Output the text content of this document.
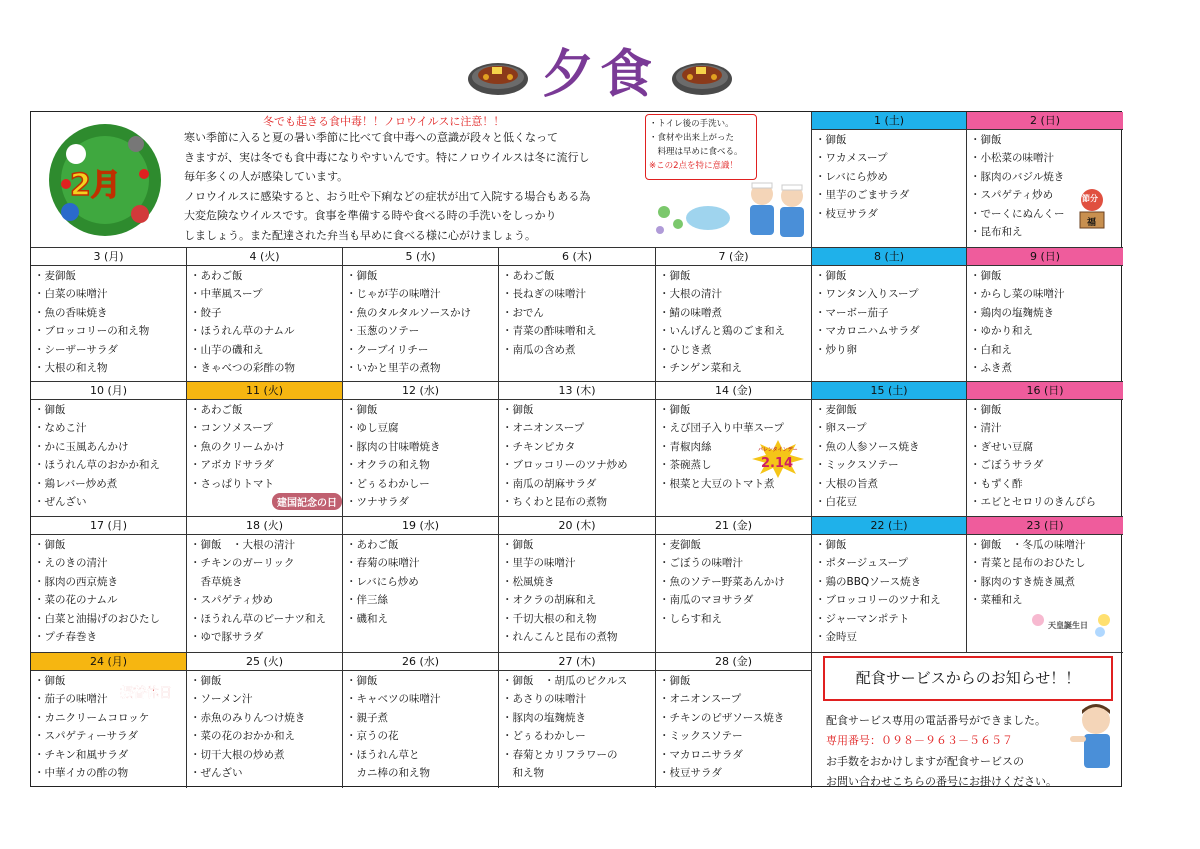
夕食
1 (土)
・御飯
・ワカメスープ
・レバにら炒め
・里芋のごまサラダ
・枝豆サラダ
2 (日)
・御飯
・小松菜の味噌汁
・豚肉のバジル焼き
・スパゲティ炒め
・でーくにぬんくー
・昆布和え
3 (月)
・麦御飯
・白菜の味噌汁
・魚の香味焼き
・ブロッコリーの和え物
・シーザーサラダ
・大根の和え物
4 (火)
・あわご飯
・中華風スープ
・餃子
・ほうれん草のナムル
・山芋の磯和え
・きゃべつの彩酢の物
5 (水)
・御飯
・じゃが芋の味噌汁
・魚のタルタルソースかけ
・玉葱のソテー
・クーブイリチー
・いかと里芋の煮物
6 (木)
・あわご飯
・長ねぎの味噌汁
・おでん
・青菜の酢味噌和え
・南瓜の含め煮
7 (金)
・御飯
・大根の清汁
・鯖の味噌煮
・いんげんと鶏のごま和え
・ひじき煮
・チンゲン菜和え
8 (土)
・御飯
・ワンタン入りスープ
・マーボー茄子
・マカロニハムサラダ
・炒り卵
9 (日)
・御飯
・からし菜の味噌汁
・鶏肉の塩麹焼き
・ゆかり和え
・白和え
・ふき煮
10 (月)
・御飯
・なめこ汁
・かに玉風あんかけ
・ほうれん草のおかか和え
・鶏レバー炒め煮
・ぜんざい
11 (火)
・あわご飯
・コンソメスープ
・魚のクリームかけ
・アボカドサラダ
・さっぱりトマト
12 (水)
・御飯
・ゆし豆腐
・豚肉の甘味噌焼き
・オクラの和え物
・どぅるわかしー
・ツナサラダ
13 (木)
・御飯
・オニオンスープ
・チキンピカタ
・ブロッコリーのツナ炒め
・南瓜の胡麻サラダ
・ちくわと昆布の煮物
14 (金)
・御飯
・えび団子入り中華スープ
・青椒肉絲
・茶碗蒸し
・根菜と大豆のトマト煮
15 (土)
・麦御飯
・卵スープ
・魚の人参ソース焼き
・ミックスソテー
・大根の旨煮
・白花豆
16 (日)
・御飯
・清汁
・ぎせい豆腐
・ごぼうサラダ
・もずく酢
・エビとセロリのきんぴら
17 (月)
・御飯
・えのきの清汁
・豚肉の西京焼き
・菜の花のナムル
・白菜と油揚げのおひたし
・プチ春巻き
18 (火)
・御飯　・大根の清汁
・チキンのガーリック
　香草焼き
・スパゲティ炒め
・ほうれん草のピーナツ和え
・ゆで豚サラダ
19 (水)
・あわご飯
・春菊の味噌汁
・レバにら炒め
・伴三絲
・磯和え
20 (木)
・御飯
・里芋の味噌汁
・松風焼き
・オクラの胡麻和え
・千切大根の和え物
・れんこんと昆布の煮物
21 (金)
・麦御飯
・ごぼうの味噌汁
・魚のソテー野菜あんかけ
・南瓜のマヨサラダ
・しらす和え
22 (土)
・御飯
・ポタージュスープ
・鶏のBBQソース焼き
・ブロッコリーのツナ和え
・ジャーマンポテト
・金時豆
23 (日)
・御飯　・冬瓜の味噌汁
・青菜と昆布のおひたし
・豚肉のすき焼き風煮
・菜種和え
24 (月)
・御飯
・茄子の味噌汁
・カニクリームコロッケ
・スパゲティーサラダ
・チキン和風サラダ
・中華イカの酢の物
25 (火)
・御飯
・ソーメン汁
・赤魚のみりんつけ焼き
・菜の花のおかか和え
・切干大根の炒め煮
・ぜんざい
26 (水)
・御飯
・キャベツの味噌汁
・親子煮
・京うの花
・ほうれん草と
　カニ棒の和え物
27 (木)
・御飯　・胡瓜のピクルス
・あさりの味噌汁
・豚肉の塩麹焼き
・どぅるわかしー
・春菊とカリフラワーの
　和え物
28 (金)
・御飯
・オニオンスープ
・チキンのピザソース焼き
・ミックスソテー
・マカロニサラダ
・枝豆サラダ
2月
冬でも起きる食中毒！！ノロウイルスに注意！！
寒い季節に入ると夏の暑い季節に比べて食中毒への意識が段々と低くなって
きますが、実は冬でも食中毒になりやすいんです。特にノロウイルスは冬に流行し
毎年多くの人が感染しています。
ノロウイルスに感染すると、おう吐や下痢などの症状が出て入院する場合もある為
大変危険なウイルスです。食事を準備する時や食べる時の手洗いをしっかり
しましょう。また配達された弁当も早めに食べる様に心がけましょう。
・トイレ後の手洗い。
・食材や出来上がった
　料理は早めに食べる。
※この2点を特に意識！
節分
福
建国記念の日
バレンタインデー
2.14
振替休日
天皇誕生日
配食サービスからのお知らせ！！
配食サービス専用の電話番号ができました。
専用番号：０９８－９６３－５６５７
お手数をおかけしますが配食サービスの
お問い合わせこちらの番号にお掛けください。
